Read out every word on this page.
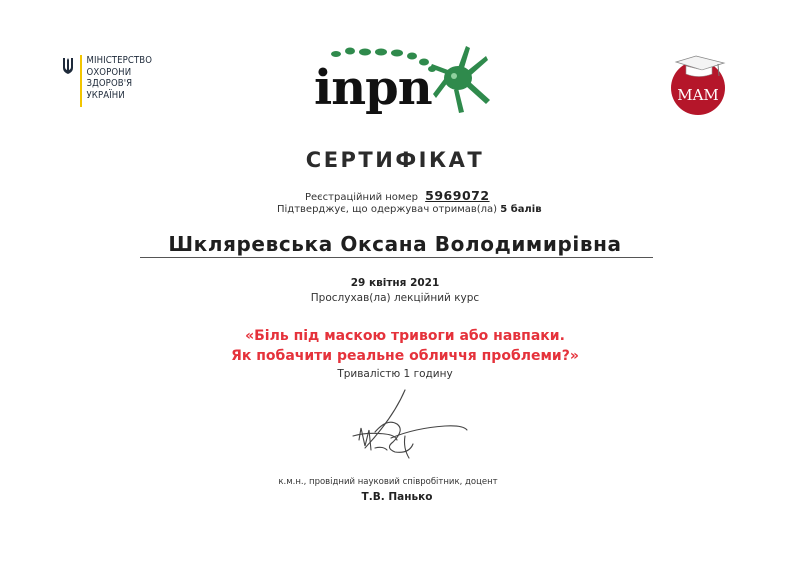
МІНІСТЕРСТВО
ОХОРОНИ
ЗДОРОВ'Я
УКРАЇНИ	inpn	MAM
СЕРТИФІКАТ
Реєстраційний номер 5969072
Підтверджує, що одержувач отримав(ла) 5 балів
Шкляревська Оксана Володимирівна
29 квітня 2021
Прослухав(ла) лекційний курс
«Біль під маскою тривоги або навпаки.
Як побачити реальне обличчя проблеми?»
Тривалістю 1 годину
к.м.н., провідний науковий співробітник, доцент
Т.В. Панько
